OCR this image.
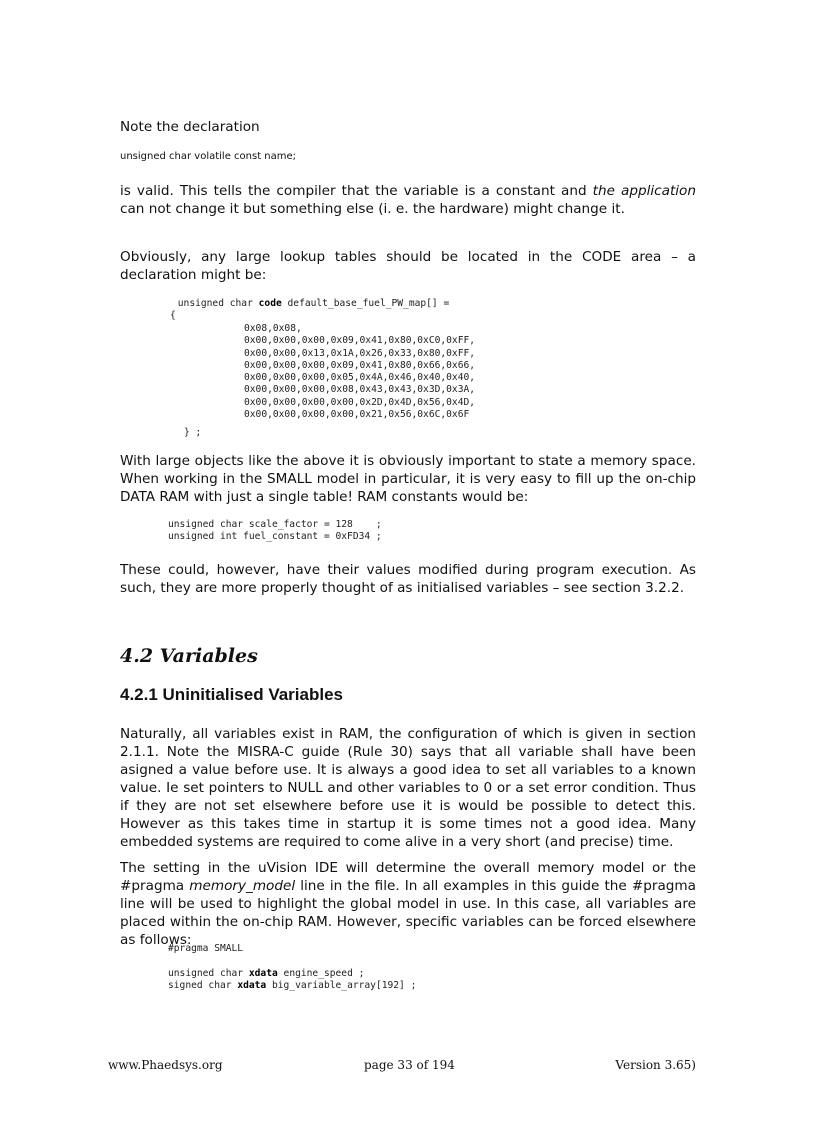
Note the declaration

unsigned char volatile const name;

is valid. This tells the compiler that the variable is a constant and the application can not change it but something else (i. e. the hardware) might change it.

Obviously, any large lookup tables should be located in the CODE area – a declaration might be:

unsigned char code default_base_fuel_PW_map[] =
{
0x08,0x08,
0x00,0x00,0x00,0x09,0x41,0x80,0xC0,0xFF,
0x00,0x00,0x13,0x1A,0x26,0x33,0x80,0xFF,
0x00,0x00,0x00,0x09,0x41,0x80,0x66,0x66,
0x00,0x00,0x00,0x05,0x4A,0x46,0x40,0x40,
0x00,0x00,0x00,0x08,0x43,0x43,0x3D,0x3A,
0x00,0x00,0x00,0x00,0x2D,0x4D,0x56,0x4D,
0x00,0x00,0x00,0x00,0x21,0x56,0x6C,0x6F
} ;

With large objects like the above it is obviously important to state a memory space. When working in the SMALL model in particular, it is very easy to fill up the on-chip DATA RAM with just a single table! RAM constants would be:

unsigned char scale_factor = 128    ;
unsigned int fuel_constant = 0xFD34 ;

These could, however, have their values modified during program execution. As such, they are more properly thought of as initialised variables – see section 3.2.2.

4.2 Variables
4.2.1 Uninitialised Variables

Naturally, all variables exist in RAM, the configuration of which is given in section 2.1.1. Note the MISRA-C guide (Rule 30) says that all variable shall have been asigned a value before use. It is always a good idea to set all variables to a known value. Ie set pointers to NULL and other variables to 0 or a set error condition. Thus if they are not set elsewhere before use it is would be possible to detect this. However as this takes time in startup it is some times not a good idea. Many embedded systems are required to come alive in a very short (and precise) time.

The setting in the uVision IDE will determine the overall memory model or the #pragma memory_model line in the file. In all examples in this guide the #pragma line will be used to highlight the global model in use. In this case, all variables are placed within the on-chip RAM. However, specific variables can be forced elsewhere as follows:

#pragma SMALL
unsigned char xdata engine_speed ;
signed char xdata big_variable_array[192] ;
www.Phaedsys.org	page 33 of 194	Version 3.65)
